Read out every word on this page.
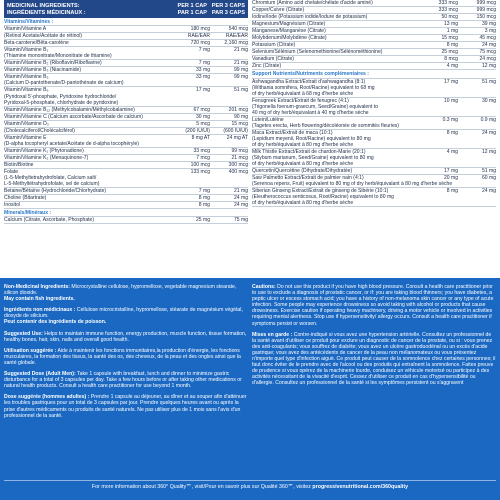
MEDICINAL INGREDIENTS:
INGRÉDIENTS MÉDICINAUX :
PER 1 CAP
PAR 1 CAP
PER 3 CAPS
PAR 3 CAPS
Vitamins/Vitamines :
Vitamin/Vitamine A	180 mcg	540 mcg
(Retinol Acetate/Acétate de rétinol)	RAE/EAR	RAE/EAR
Beta-carotene/Bêta-carotène	720 mcg	2,160 mcg
Vitamin/Vitamine B₁	7 mg	21 mg
(Thiamine mononitrate/Mononitrate de thiamine)
Vitamin/Vitamine B₂ (Riboflavin/Riboflavine)	7 mg	21 mg
Vitamin/Vitamine B₃ (Niacinamide)	33 mg	99 mg
Vitamin/Vitamine B₅	33 mg	99 mg
(Calcium D-pantothenate/D-pantothénate de calcium)
Vitamin/Vitamine B₆	17 mg	51 mg
(Pyridoxal 5'-phosphate, Pyridoxine hydrochloride/
Pyridoxal-5-phosphate, chlorhydrate de pyridoxine)
Vitamin/Vitamine B₁₂ (Methylcobalamin/Méthylcobalamine)	67 mcg	201 mcg
Vitamin/Vitamine C (Calcium ascorbate/Ascorbate de calcium)	30 mg	90 mg
Vitamin/Vitamine D₃	5 mcg	15 mcg
(Cholecalciferol/Cholécalciférol)	(200 IU/UI)	(600 IU/UI)
Vitamin/Vitamine E	8 mg AT	24 mg AT
(D-alpha tocopheryl acetate/Acétate de d-alpha tocophéryle)
Vitamin/Vitamine K₁ (Phytonadione)	33 mcg	99 mcg
Vitamin/Vitamine K₂ (Menaquinone-7)	7 mcg	21 mcg
Biotin/Biotine	100 mcg	300 mcg
Folate	133 mcg	400 mcg
(L-5-Methyltetrahydrofolate, Calcium salt/
L-5-Méthyltétrahydrofolate, sel de calcium)
Betaine/Bétaïne (Hydrochloride/Chlorhydrate)	7 mg	21 mg
Choline (Bitartrate)	8 mg	24 mg
Inositol	8 mg	24 mg
Minerals/Minéraux :
Calcium (Citrate, Ascorbate, Phosphate)	25 mg	75 mg
Chromium (Amino acid chelate/chélate d'acide aminé)	333 mcg	999 mcg
Copper/Cuivre (Citrate)	333 mcg	999 mcg
Iodine/Iode (Potassium iodide/Iodure de potassium)	50 mcg	150 mcg
Magnesium/Magnésium (Citrate)	13 mg	39 mg
Manganese/Manganèse (Citrate)	1 mg	3 mg
Molybdenum/Molybdène (Citrate)	15 mcg	45 mcg
Potassium (Citrate)	8 mg	24 mg
Selenium/Sélénium (Selenomethionine/Sélénométhionine)	25 mcg	75 mcg
Vanadium (Citrate)	8 mcg	24 mcg
Zinc (Citrate)	4 mg	12 mg
Support Nutrients/Nutriments complémentaires :
Ashwagandha Extract/Extrait d'ashwagandha (8:1)	17 mg	51 mg
(Withania somnifera, Root/Racine) equivalent to 68 mg
of dry herb/équivalant à 68 mg d'herbe sèche
Fenugreek Extract/Extrait de fenugrec (4:1)	10 mg	30 mg
(Trigonella foenum-graecum, Seed/Graine) equivalent to
40 mg of dry herb/équivalant à 40 mg d'herbe sèche
Lutein/Lutéine	0.3 mg	0.9 mg
(Tagetes erecta, Herb flowering/décoléonée de sommités fleuries)
Maca Extract/Extrait de maca (10:1)	8 mg	24 mg
(Lepidium meyenii, Root/Racine) equivalent to 80 mg
of dry herb/équivalant à 80 mg d'herbe sèche
Milk Thistle Extract/Extrait de chardon-Marie (20:1)	4 mg	12 mg
(Silybum marianum, Seed/Graine) equivalent to 80 mg
of dry herb/équivalant à 80 mg d'herbe sèche
Quercetin/Quercétine (Dihydrate/Dihydratée)	17 mg	51 mg
Saw Palmetto Extract/Extrait de palmier nain (4:1)	20 mg	60 mg
(Serenoa repens, Fruit) equivalent to 80 mg of dry herb/équivalant à 80 mg d'herbe sèche
Siberian Ginseng Extract/Extrait de ginseng de Sibérie (10:1)	8 mg	24 mg
(Eleutherococcus senticosus, Root/Racine) equivalent to 80 mg
of dry herb/équivalant à 80 mg d'herbe sèche
Non-Medicinal Ingredients: Microcrystalline cellulose, hypromellose, vegetable magnesium stearate, silicon dioxide.
May contain fish ingredients.
Ingrédients non médicinaux : Cellulose microcristalline, hypromellose, stéarate de magnésium végétal, dioxyde de silicium.
Peut contenir des ingrédients de poisson.
Suggested Use: Helps to maintain immune function, energy production, muscle function, tissue formation, healthy bones, hair, skin, nails and overall good health.
Utilisation suggérée : Aide à maintenir les fonctions immunitaires,la production d'énergie, les fonctions musculaires, la formation des tissus, la santé des os, des cheveux, de la peau et des ongles ainsi que la santé globale.
Suggested Dose (Adult Men): Take 1 capsule with breakfast, lunch and dinner to minimize gastric disturbance for a total of 3 capsules per day. Take a few hours before or after taking other medications or natural health products. Consult a health care practitioner for use beyond 1 month.
Dose suggérée (hommes adultes) : Prendre 1 capsule au déjeuner, au dîner et au souper afin d'atténuer les troubles gastriques pour un total de 3 capsules par jour. Prendre quelques heures avant ou après la prise d'autres médicaments ou produits de santé naturels. Ne pas utiliser plus de 1 mois sans l'avis d'un professionnel de la santé.
Cautions: Do not use this product if you have high blood pressure. Consult a health care practitioner prior to use to exclude a diagnosis of prostatic cancer, or if: you are taking blood thinners; you have diabetes, a peptic ulcer or excess stomach acid; you have a history of non-melanoma skin cancer or any type of acute infection. Some people may experience drowsiness so avoid taking with alcohol or products that cause drowsiness. Exercise caution if operating heavy machinery, driving a motor vehicle or involved in activities requiring mental alertness. Stop use if hypersensitivity/ allergy occurs. Consult a health care practitioner if symptoms persist or worsen.
Mises en garde : Contre-indiqué si vous avez une hypertension artérielle. Consultez un professionnel de la santé avant d'utiliser ce produit pour exclure un diagnostic de cancer de la prostate, ou si : vous prenez des anti-coagulants; vous souffrez de diabète; vous avez un ulcère gastroduodénal ou un excès d'acide gastrique; vous avez des antécédents de cancer de la peau non mélanomateux ou vous présentez n'importe quel type d'infection aiguë. Ce produit peut causer de la somnolence chez certaines personnes; il faut donc éviter de le prendre avec de l'alcool ou des produits qui entraînent la somnolence. Faites preuve de prudence si vous opérez de la machinerie lourde, conduisez un véhicule motorisé ou participez à des activités nécessitant de la vivacité d'esprit. Cessez d'utiliser ce produit en cas d'hypersensibilité ou d'allergie. Consultez un professionnel de la santé si les symptômes persistent ou s'aggravent
For more information about 360° Quality℠, visit/Pour en savoir plus sur Qualité 360℠, visitez progressivenutritional.com/360quality
